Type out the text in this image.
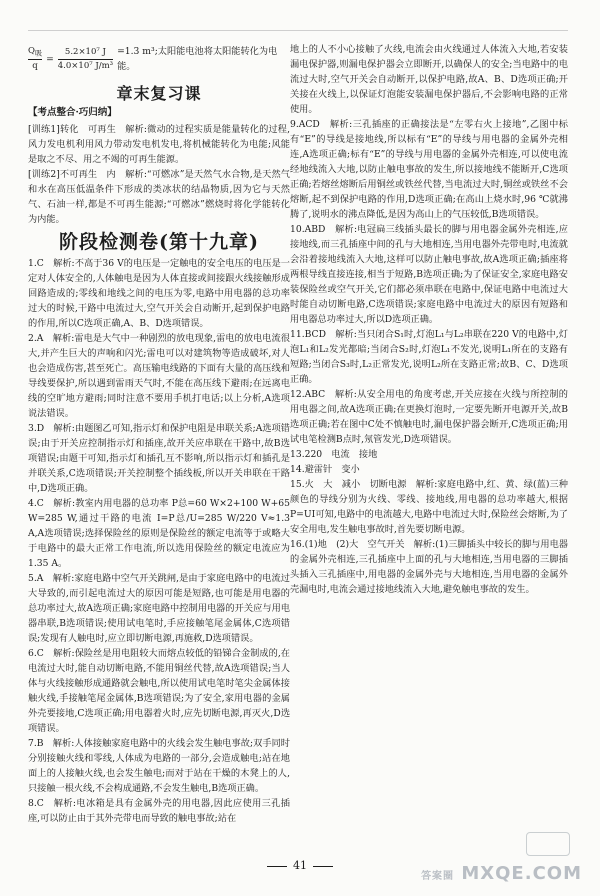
$\frac{Q_吸}{q} = \frac{\text{5.2×10⁷ J}}{\text{4.0×10⁷ J/m³}} =1.3$ m³;太阳能电池将太阳能转化为电能。
章末复习课
【考点整合·巧归纳】

[训练1]转化　可再生　解析:微动的过程实质是能量转化的过程,风力发电机利用风力带动发电机发电,将机械能转化为电能;风能是取之不尽、用之不竭的可再生能源。

[训练2]不可再生　内　解析:“可燃冰”是天然气水合物,是天然气和水在高压低温条件下形成的类冰状的结晶物质,因为它与天然气、石油一样,都是不可再生能源;“可燃冰”燃烧时将化学能转化为内能。

阶段检测卷(第十九章)

1.C　解析:不高于36 V的电压是一定触电的安全电压的电压是一定对人体安全的,人体触电是因为人体直接或间接跟火线接触形成回路造成的;零线和地线之间的电压为零,电路中用电器的总功率过大的时候,干路中电流过大,空气开关会自动断开,起到保护电路的作用,所以C选项正确,A、B、D选项错误。

2.A　解析:雷电是大气中一种剧烈的放电现象,雷电的放电电流很大,并产生巨大的声响和闪光;雷电可以对建筑物等造成破坏,对人也会造成伤害,甚至死亡。高压输电线路的下面有大量的高压线和导线要保护,所以遇到雷雨天气时,不能在高压线下避雨;在远离电线的空旷地方避雨;同时注意不要用手机打电话;以上分析,A选项说法错误。

3.D　解析:由题图乙可知,指示灯和保护电阻是串联关系;A选项错误;由于开关应控制指示灯和插座,故开关应串联在干路中,故B选项错误;由题干可知,指示灯和插孔互不影响,所以指示灯和插孔是并联关系,C选项错误;开关控制整个插线板,所以开关串联在干路中,D选项正确。

4.C　解析:教室内用电器的总功率 P总=60 W×2+100 W+65 W=285 W,通过干路的电流 I=P总/U=285 W/220 V≈1.3 A,A选项错误;选择保险丝的原则是保险丝的额定电流等于或略大于电路中的最大正常工作电流,所以选用保险丝的额定电流应为1.35 A。

5.A　解析:家庭电路中空气开关跳闸,是由于家庭电路中的电流过大导致的,而引起电流过大的原因可能是短路,也可能是用电器的总功率过大,故A选项正确;家庭电路中控制用电器的开关应与用电器串联,B选项错误;使用试电笔时,手应接触笔尾金属体,C选项错误;发现有人触电时,应立即切断电源,再施救,D选项错误。

6.C　解析:保险丝是用电阻较大而熔点较低的铅锑合金制成的,在电流过大时,能自动切断电路,不能用铜丝代替,故A选项错误;当人体与火线接触形成通路就会触电,所以使用试电笔时笔尖金属体接触火线,手接触笔尾金属体,B选项错误;为了安全,家用电器的金属外壳要接地,C选项正确;用电器着火时,应先切断电源,再灭火,D选项错误。

7.B　解析:人体接触家庭电路中的火线会发生触电事故;双手同时分别接触火线和零线,人体成为电路的一部分,会造成触电;站在地面上的人接触火线,也会发生触电;而对于站在干燥的木凳上的人,只接触一根火线,不会构成通路,不会发生触电,B选项正确。

8.C　解析:电冰箱是具有金属外壳的用电器,因此应使用三孔插座,可以防止由于其外壳带电而导致的触电事故;站在

地上的人不小心接触了火线,电流会由火线通过人体流入大地,若安装漏电保护器,则漏电保护器会立即断开,以确保人的安全;当电路中的电流过大时,空气开关会自动断开,以保护电路,故A、B、D选项正确;开关接在火线上,以保证灯泡能安装漏电保护器后,不会影响电路的正常使用。

9.ACD　解析:三孔插座的正确接法是“左零右火上接地”,乙图中标有“E”的导线是接地线,所以标有“E”的导线与用电器的金属外壳相连,A选项正确;标有“E”的导线与用电器的金属外壳相连,可以使电流经地线流入大地,以防止触电事故的发生,所以接地线不能断开,C选项正确;若熔丝熔断后用铜丝或铁丝代替,当电流过大时,铜丝或铁丝不会熔断,起不到保护电路的作用,D选项正确;在高山上烧水时,96 ℃就沸腾了,说明水的沸点降低,是因为高山上的气压较低,B选项错误。

10.ABD　解析:电冠扁三线插头最长的脚与用电器金属外壳相连,应接地线,而三孔插座中间的孔与大地相连,当用电器外壳带电时,电流就会沿着接地线流入大地,这样可以防止触电事故,故A选项正确;插座将两根导线直接连接,相当于短路,B选项正确;为了保证安全,家庭电路安装保险丝或空气开关,它们都必须串联在电路中,保证电路中电流过大时能自动切断电路,C选项错误;家庭电路中电流过大的原因有短路和用电器总功率过大,所以D选项正确。

11.BCD　解析:当只闭合S₁时,灯泡L₁与L₂串联在220 V的电路中,灯泡L₁和L₂发光都暗;当闭合S₂时,灯泡L₁不发光,说明L₁所在的支路有短路;当闭合S₃时,L₂正常发光,说明L₂所在支路正常;故B、C、D选项正确。

12.ABC　解析:从安全用电的角度考虑,开关应接在火线与所控制的用电器之间,故A选项正确;在更换灯泡时,一定要先断开电源开关,故B选项正确;若在图中C处不慎触电时,漏电保护器会断开,C选项正确;用试电笔检测B点时,氖管发光,D选项错误。

13.220　电流　接地

14.避雷针　变小

15.火　大　减小　切断电源　解析:家庭电路中,红、黄、绿(蓝)三种颜色的导线分别为火线、零线、接地线,用电器的总功率越大,根据P=UI可知,电路中的电流越大,电路中电流过大时,保险丝会熔断,为了安全用电,发生触电事故时,首先要切断电源。

16.(1)地　(2)大　空气开关　解析:(1)三脚插头中较长的脚与用电器的金属外壳相连,三孔插座中上面的孔与大地相连,当用电器的三脚插头插入三孔插座中,用电器的金属外壳与大地相连,当用电器的金属外壳漏电时,电流会通过接地线流入大地,避免触电事故的发生。

41
答案圈 MXQE.COM
